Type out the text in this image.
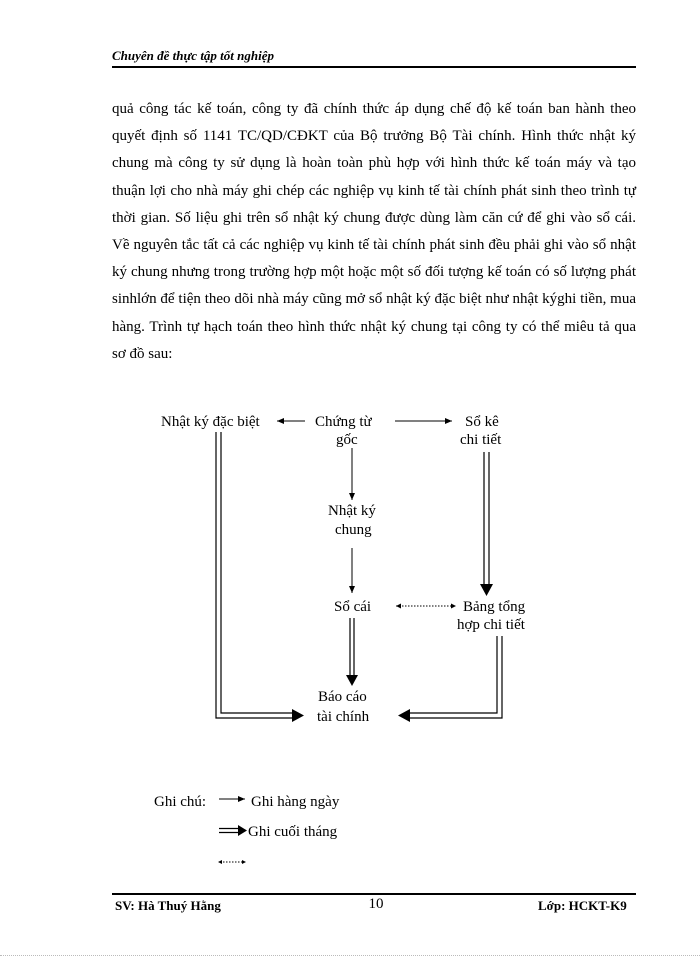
Chuyên đề thực tập tốt nghiệp

quả công tác kế toán, công ty đã chính thức áp dụng chế độ kế toán ban hành theo quyết định số 1141 TC/QD/CĐKT của Bộ trưởng Bộ Tài chính. Hình thức nhật ký chung mà công ty sử dụng là hoàn toàn phù hợp với hình thức kế toán máy và tạo thuận lợi cho nhà máy ghi chép các nghiệp vụ kinh tế tài chính phát sinh theo trình tự thời gian. Số liệu ghi trên sổ nhật ký chung được dùng làm căn cứ để ghi vào sổ cái. Về nguyên tắc tất cả các nghiệp vụ kinh tế tài chính phát sinh đều phải ghi vào sổ nhật ký chung nhưng trong trường hợp một hoặc một số đối tượng kế toán có số lượng phát sinhlớn để tiện theo dõi nhà máy cũng mở sổ nhật ký đặc biệt như nhật kýghi tiền, mua hàng. Trình tự hạch toán theo hình thức nhật ký chung tại công ty có thể miêu tả qua sơ đồ sau:

Nhật ký đặc biệt	Chứng từ
gốc
Sổ kê
chi tiết
Nhật ký
chung
Sổ cái	Bảng tổng
hợp chi tiết
Báo cáo
tài chính
Ghi chú:	Ghi hàng ngày
Ghi cuối tháng
SV: Hà Thuý Hằng	10	Lớp: HCKT-K9
